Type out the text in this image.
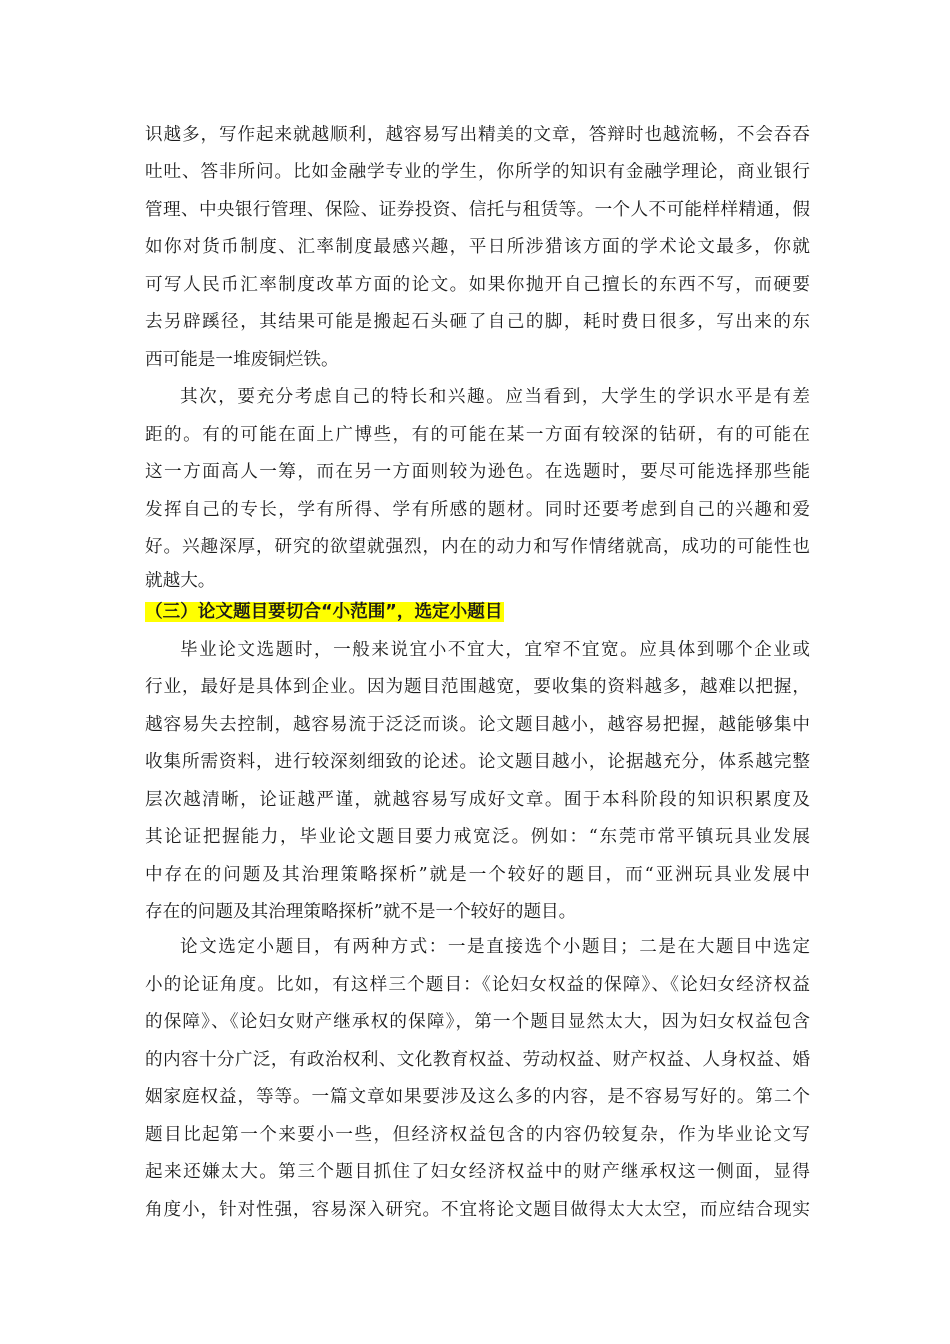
识越多，写作起来就越顺利，越容易写出精美的文章，答辩时也越流畅，不会吞吞
吐吐、答非所问。比如金融学专业的学生，你所学的知识有金融学理论，商业银行
管理、中央银行管理、保险、证券投资、信托与租赁等。一个人不可能样样精通，假
如你对货币制度、汇率制度最感兴趣，平日所涉猎该方面的学术论文最多，你就
可写人民币汇率制度改革方面的论文。如果你抛开自己擅长的东西不写，而硬要
去另辟蹊径，其结果可能是搬起石头砸了自己的脚，耗时费日很多，写出来的东
西可能是一堆废铜烂铁。
其次，要充分考虑自己的特长和兴趣。应当看到，大学生的学识水平是有差
距的。有的可能在面上广博些，有的可能在某一方面有较深的钻研，有的可能在
这一方面高人一筹，而在另一方面则较为逊色。在选题时，要尽可能选择那些能
发挥自己的专长，学有所得、学有所感的题材。同时还要考虑到自己的兴趣和爱
好。兴趣深厚，研究的欲望就强烈，内在的动力和写作情绪就高，成功的可能性也
就越大。
（三）论文题目要切合“小范围”，选定小题目
毕业论文选题时，一般来说宜小不宜大，宜窄不宜宽。应具体到哪个企业或
行业，最好是具体到企业。因为题目范围越宽，要收集的资料越多，越难以把握，
越容易失去控制，越容易流于泛泛而谈。论文题目越小，越容易把握，越能够集中
收集所需资料，进行较深刻细致的论述。论文题目越小，论据越充分，体系越完整
层次越清晰，论证越严谨，就越容易写成好文章。囿于本科阶段的知识积累度及
其论证把握能力，毕业论文题目要力戒宽泛。例如：“东莞市常平镇玩具业发展
中存在的问题及其治理策略探析”就是一个较好的题目，而“亚洲玩具业发展中
存在的问题及其治理策略探析”就不是一个较好的题目。
论文选定小题目，有两种方式：一是直接选个小题目；二是在大题目中选定
小的论证角度。比如，有这样三个题目：《论妇女权益的保障》、《论妇女经济权益
的保障》、《论妇女财产继承权的保障》，第一个题目显然太大，因为妇女权益包含
的内容十分广泛，有政治权利、文化教育权益、劳动权益、财产权益、人身权益、婚
姻家庭权益，等等。一篇文章如果要涉及这么多的内容，是不容易写好的。第二个
题目比起第一个来要小一些，但经济权益包含的内容仍较复杂，作为毕业论文写
起来还嫌太大。第三个题目抓住了妇女经济权益中的财产继承权这一侧面，显得
角度小，针对性强，容易深入研究。不宜将论文题目做得太大太空，而应结合现实
